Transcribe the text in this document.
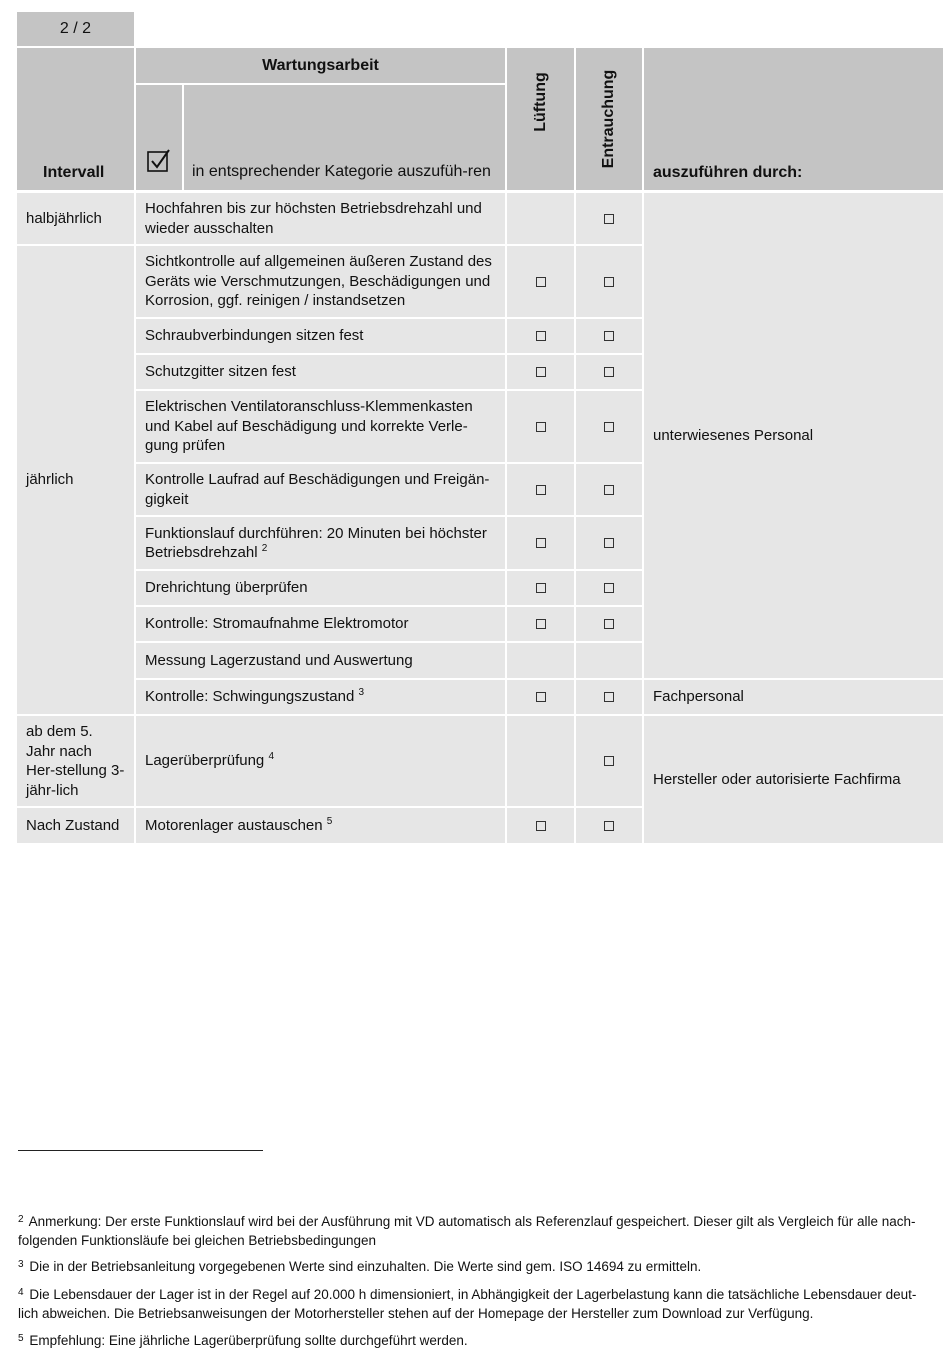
2 / 2
Intervall
Wartungsarbeit
in entsprechender Kategorie auszufüh-ren
Lüftung	Entrauchung
auszuführen durch:
halbjährlich
jährlich
ab dem 5. Jahr nach Her-stellung 3-jähr-lich
Nach Zustand
Hochfahren bis zur höchsten Betriebsdrehzahl und wieder ausschalten
Sichtkontrolle auf allgemeinen äußeren Zustand des Geräts wie Verschmutzungen, Beschädigungen und Korrosion, ggf. reinigen / instandsetzen
Schraubverbindungen sitzen fest
Schutzgitter sitzen fest
Elektrischen Ventilatoranschluss-Klemmenkasten und Kabel auf Beschädigung und korrekte Verle-gung prüfen
Kontrolle Laufrad auf Beschädigungen und Freigän-gigkeit
Funktionslauf durchführen: 20 Minuten bei höchster Betriebsdrehzahl $^2$
Drehrichtung überprüfen
Kontrolle: Stromaufnahme Elektromotor
Messung Lagerzustand und Auswertung
Kontrolle: Schwingungszustand $^3$
Lagerüberprüfung $^4$
Motorenlager austauschen $^5$
unterwiesenes Personal
Fachpersonal
Hersteller oder autorisierte Fachfirma
$^2$ Anmerkung: Der erste Funktionslauf wird bei der Ausführung mit VD automatisch als Referenzlauf gespeichert. Dieser gilt als Vergleich für alle nach-folgenden Funktionsläufe bei gleichen Betriebsbedingungen
$^3$ Die in der Betriebsanleitung vorgegebenen Werte sind einzuhalten. Die Werte sind gem. ISO 14694 zu ermitteln.
$^4$ Die Lebensdauer der Lager ist in der Regel auf 20.000 h dimensioniert, in Abhängigkeit der Lagerbelastung kann die tatsächliche Lebensdauer deut-lich abweichen. Die Betriebsanweisungen der Motorhersteller stehen auf der Homepage der Hersteller zum Download zur Verfügung.
$^5$ Empfehlung: Eine jährliche Lagerüberprüfung sollte durchgeführt werden.
